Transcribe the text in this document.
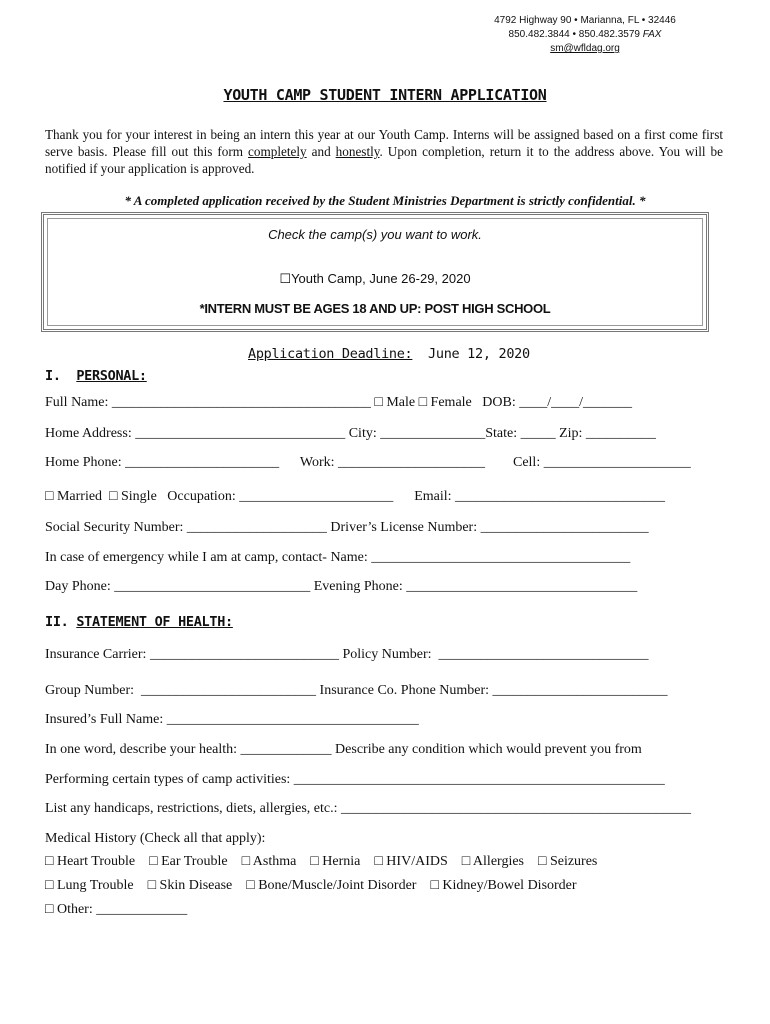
4792 Highway 90 • Marianna, FL • 32446
850.482.3844 • 850.482.3579 FAX
sm@wfldag.org
YOUTH CAMP STUDENT INTERN APPLICATION
Thank you for your interest in being an intern this year at our Youth Camp. Interns will be assigned based on a first come first serve basis. Please fill out this form completely and honestly. Upon completion, return it to the address above. You will be notified if your application is approved.
* A completed application received by the Student Ministries Department is strictly confidential. *
Check the camp(s) you want to work.
☐Youth Camp, June 26-29, 2020
*INTERN MUST BE AGES 18 AND UP: POST HIGH SCHOOL
Application Deadline:  June 12, 2020
I.  PERSONAL:
Full Name: _____________________________________ □ Male □ Female   DOB: ____/____/_______
Home Address: ______________________________ City: _______________State: _____ Zip: __________
Home Phone: ______________________      Work: _____________________        Cell: _____________________
□ Married  □ Single   Occupation: ______________________      Email: ______________________________
Social Security Number: ____________________ Driver’s License Number: ________________________
In case of emergency while I am at camp, contact- Name: _____________________________________
Day Phone: ____________________________ Evening Phone: _________________________________
II. STATEMENT OF HEALTH:
Insurance Carrier: ___________________________ Policy Number:  ______________________________
Group Number:  _________________________ Insurance Co. Phone Number: _________________________
Insured’s Full Name: ____________________________________
In one word, describe your health: _____________ Describe any condition which would prevent you from
Performing certain types of camp activities: _____________________________________________________
List any handicaps, restrictions, diets, allergies, etc.: __________________________________________________
Medical History (Check all that apply):
□ Heart Trouble    □ Ear Trouble    □ Asthma    □ Hernia    □ HIV/AIDS    □ Allergies    □ Seizures
□ Lung Trouble    □ Skin Disease    □ Bone/Muscle/Joint Disorder    □ Kidney/Bowel Disorder
□ Other: _____________
